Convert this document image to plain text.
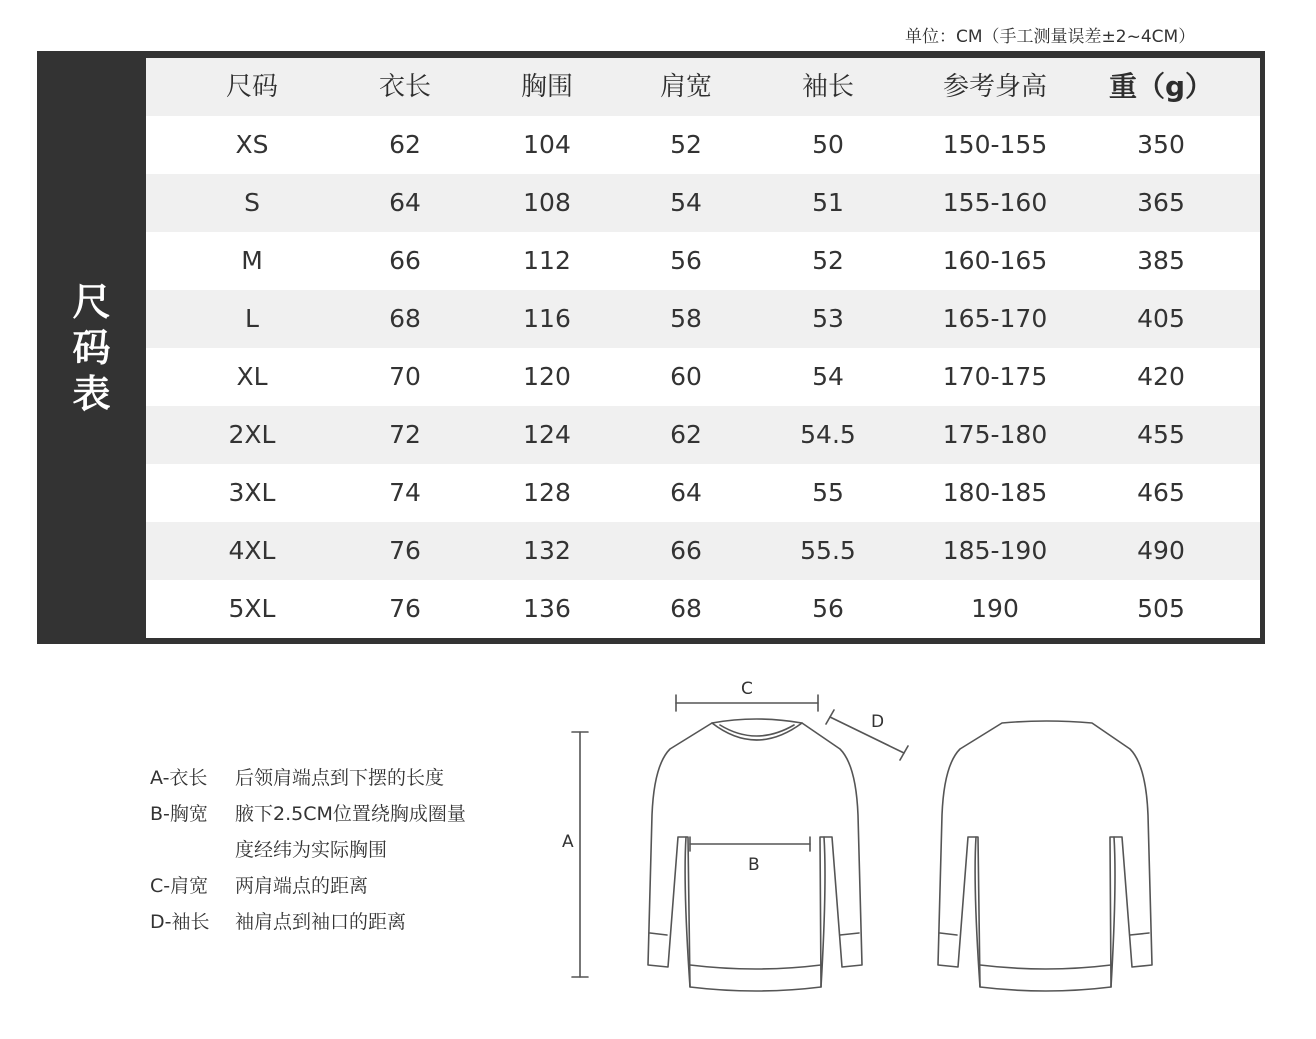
单位：CM（手工测量误差±2~4CM）
尺
码
表
尺码	衣长	胸围	肩宽	袖长	参考身高	重（g）
XS	62	104	52	50	150-155	350
S	64	108	54	51	155-160	365
M	66	112	56	52	160-165	385
L	68	116	58	53	165-170	405
XL	70	120	60	54	170-175	420
2XL	72	124	62	54.5	175-180	455
3XL	74	128	64	55	180-185	465
4XL	76	132	66	55.5	185-190	490
5XL	76	136	68	56	190	505
A-衣长	后领肩端点到下摆的长度
B-胸宽	腋下2.5CM位置绕胸成圈量
度经纬为实际胸围
C-肩宽	两肩端点的距离
D-袖长	袖肩点到袖口的距离
A
B
C
D
